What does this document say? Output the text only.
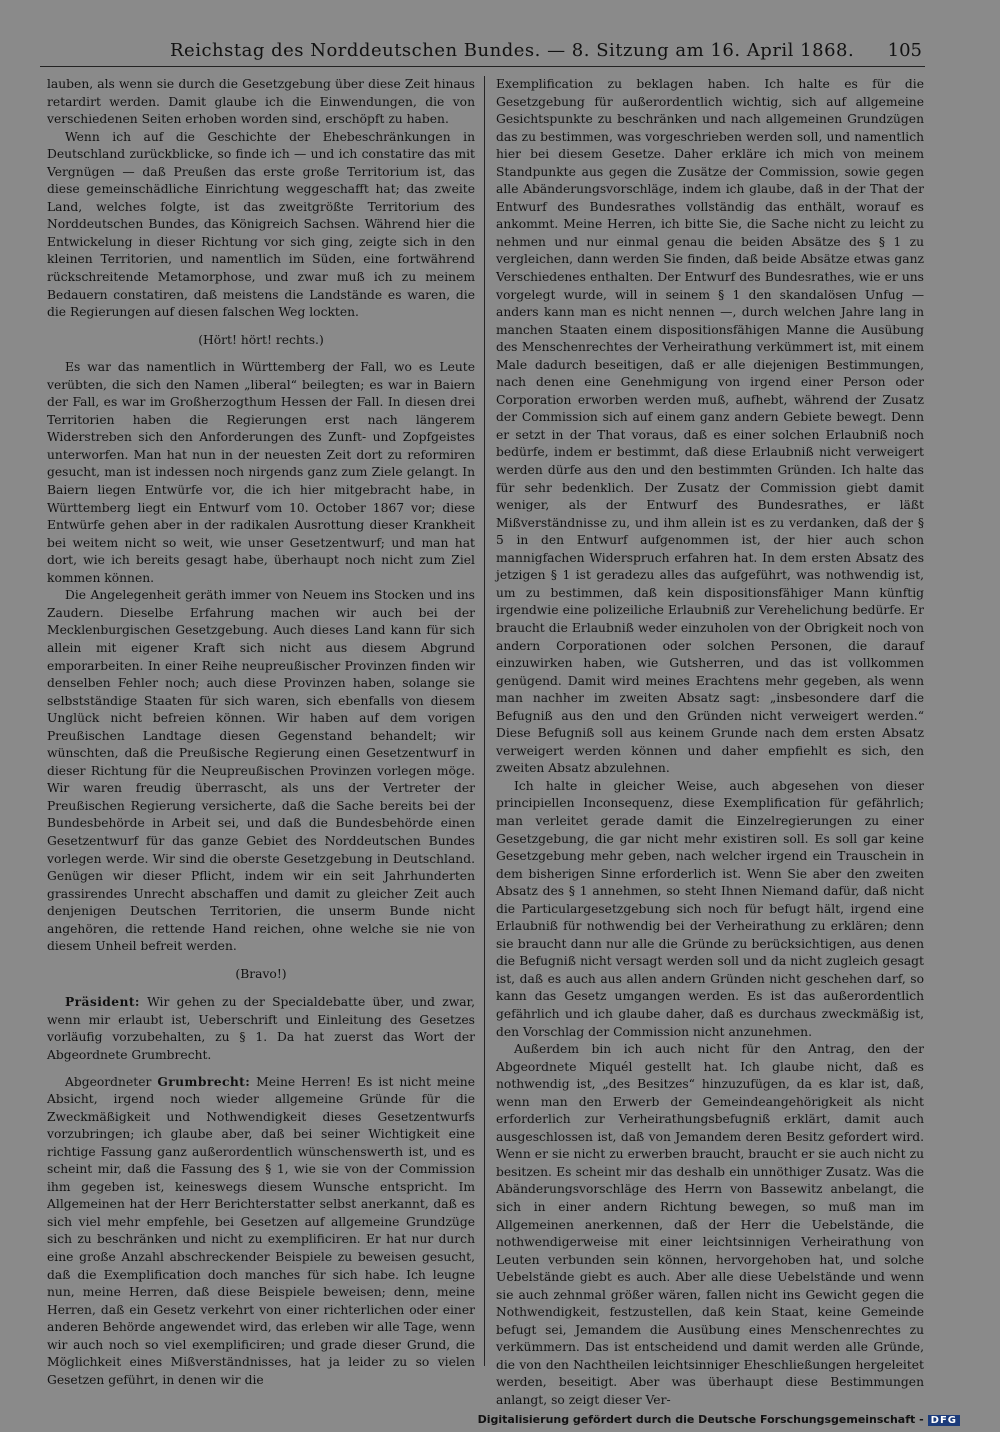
Reichstag des Norddeutschen Bundes. — 8. Sitzung am 16. April 1868. 105

lauben, als wenn sie durch die Gesetzgebung über diese Zeit hinaus retardirt werden. Damit glaube ich die Einwendungen, die von verschiedenen Seiten erhoben worden sind, erschöpft zu haben.

Wenn ich auf die Geschichte der Ehebeschränkungen in Deutschland zurückblicke, so finde ich — und ich constatire das mit Vergnügen — daß Preußen das erste große Territorium ist, das diese gemeinschädliche Einrichtung weggeschafft hat; das zweite Land, welches folgte, ist das zweitgrößte Territorium des Norddeutschen Bundes, das Königreich Sachsen. Während hier die Entwickelung in dieser Richtung vor sich ging, zeigte sich in den kleinen Territorien, und namentlich im Süden, eine fortwährend rückschreitende Metamorphose, und zwar muß ich zu meinem Bedauern constatiren, daß meistens die Landstände es waren, die die Regierungen auf diesen falschen Weg lockten.

(Hört! hört! rechts.)

Es war das namentlich in Württemberg der Fall, wo es Leute verübten, die sich den Namen „liberal“ beilegten; es war in Baiern der Fall, es war im Großherzogthum Hessen der Fall. In diesen drei Territorien haben die Regierungen erst nach längerem Widerstreben sich den Anforderungen des Zunft- und Zopfgeistes unterworfen. Man hat nun in der neuesten Zeit dort zu reformiren gesucht, man ist indessen noch nirgends ganz zum Ziele gelangt. In Baiern liegen Entwürfe vor, die ich hier mitgebracht habe, in Württemberg liegt ein Entwurf vom 10. October 1867 vor; diese Entwürfe gehen aber in der radikalen Ausrottung dieser Krankheit bei weitem nicht so weit, wie unser Gesetzentwurf; und man hat dort, wie ich bereits gesagt habe, überhaupt noch nicht zum Ziel kommen können.

Die Angelegenheit geräth immer von Neuem ins Stocken und ins Zaudern. Dieselbe Erfahrung machen wir auch bei der Mecklenburgischen Gesetzgebung. Auch dieses Land kann für sich allein mit eigener Kraft sich nicht aus diesem Abgrund emporarbeiten. In einer Reihe neupreußischer Provinzen finden wir denselben Fehler noch; auch diese Provinzen haben, solange sie selbstständige Staaten für sich waren, sich ebenfalls von diesem Unglück nicht befreien können. Wir haben auf dem vorigen Preußischen Landtage diesen Gegenstand behandelt; wir wünschten, daß die Preußische Regierung einen Gesetzentwurf in dieser Richtung für die Neupreußischen Provinzen vorlegen möge. Wir waren freudig überrascht, als uns der Vertreter der Preußischen Regierung versicherte, daß die Sache bereits bei der Bundesbehörde in Arbeit sei, und daß die Bundesbehörde einen Gesetzentwurf für das ganze Gebiet des Norddeutschen Bundes vorlegen werde. Wir sind die oberste Gesetzgebung in Deutschland. Genügen wir dieser Pflicht, indem wir ein seit Jahrhunderten grassirendes Unrecht abschaffen und damit zu gleicher Zeit auch denjenigen Deutschen Territorien, die unserm Bunde nicht angehören, die rettende Hand reichen, ohne welche sie nie von diesem Unheil befreit werden.

(Bravo!)

Präsident: Wir gehen zu der Specialdebatte über, und zwar, wenn mir erlaubt ist, Ueberschrift und Einleitung des Gesetzes vorläufig vorzubehalten, zu § 1. Da hat zuerst das Wort der Abgeordnete Grumbrecht.

Abgeordneter Grumbrecht: Meine Herren! Es ist nicht meine Absicht, irgend noch wieder allgemeine Gründe für die Zweckmäßigkeit und Nothwendigkeit dieses Gesetzentwurfs vorzubringen; ich glaube aber, daß bei seiner Wichtigkeit eine richtige Fassung ganz außerordentlich wünschenswerth ist, und es scheint mir, daß die Fassung des § 1, wie sie von der Commission ihm gegeben ist, keineswegs diesem Wunsche entspricht. Im Allgemeinen hat der Herr Berichterstatter selbst anerkannt, daß es sich viel mehr empfehle, bei Gesetzen auf allgemeine Grundzüge sich zu beschränken und nicht zu exemplificiren. Er hat nur durch eine große Anzahl abschreckender Beispiele zu beweisen gesucht, daß die Exemplification doch manches für sich habe. Ich leugne nun, meine Herren, daß diese Beispiele beweisen; denn, meine Herren, daß ein Gesetz verkehrt von einer richterlichen oder einer anderen Behörde angewendet wird, das erleben wir alle Tage, wenn wir auch noch so viel exemplificiren; und grade dieser Grund, die Möglichkeit eines Mißverständnisses, hat ja leider zu so vielen Gesetzen geführt, in denen wir die

Exemplification zu beklagen haben. Ich halte es für die Gesetzgebung für außerordentlich wichtig, sich auf allgemeine Gesichtspunkte zu beschränken und nach allgemeinen Grundzügen das zu bestimmen, was vorgeschrieben werden soll, und namentlich hier bei diesem Gesetze. Daher erkläre ich mich von meinem Standpunkte aus gegen die Zusätze der Commission, sowie gegen alle Abänderungsvorschläge, indem ich glaube, daß in der That der Entwurf des Bundesrathes vollständig das enthält, worauf es ankommt. Meine Herren, ich bitte Sie, die Sache nicht zu leicht zu nehmen und nur einmal genau die beiden Absätze des § 1 zu vergleichen, dann werden Sie finden, daß beide Absätze etwas ganz Verschiedenes enthalten. Der Entwurf des Bundesrathes, wie er uns vorgelegt wurde, will in seinem § 1 den skandalösen Unfug — anders kann man es nicht nennen —, durch welchen Jahre lang in manchen Staaten einem dispositionsfähigen Manne die Ausübung des Menschenrechtes der Verheirathung verkümmert ist, mit einem Male dadurch beseitigen, daß er alle diejenigen Bestimmungen, nach denen eine Genehmigung von irgend einer Person oder Corporation erworben werden muß, aufhebt, während der Zusatz der Commission sich auf einem ganz andern Gebiete bewegt. Denn er setzt in der That voraus, daß es einer solchen Erlaubniß noch bedürfe, indem er bestimmt, daß diese Erlaubniß nicht verweigert werden dürfe aus den und den bestimmten Gründen. Ich halte das für sehr bedenklich. Der Zusatz der Commission giebt damit weniger, als der Entwurf des Bundesrathes, er läßt Mißverständnisse zu, und ihm allein ist es zu verdanken, daß der § 5 in den Entwurf aufgenommen ist, der hier auch schon mannigfachen Widerspruch erfahren hat. In dem ersten Absatz des jetzigen § 1 ist geradezu alles das aufgeführt, was nothwendig ist, um zu bestimmen, daß kein dispositionsfähiger Mann künftig irgendwie eine polizeiliche Erlaubniß zur Verehelichung bedürfe. Er braucht die Erlaubniß weder einzuholen von der Obrigkeit noch von andern Corporationen oder solchen Personen, die darauf einzuwirken haben, wie Gutsherren, und das ist vollkommen genügend. Damit wird meines Erachtens mehr gegeben, als wenn man nachher im zweiten Absatz sagt: „insbesondere darf die Befugniß aus den und den Gründen nicht verweigert werden.“ Diese Befugniß soll aus keinem Grunde nach dem ersten Absatz verweigert werden können und daher empfiehlt es sich, den zweiten Absatz abzulehnen.

Ich halte in gleicher Weise, auch abgesehen von dieser principiellen Inconsequenz, diese Exemplification für gefährlich; man verleitet gerade damit die Einzelregierungen zu einer Gesetzgebung, die gar nicht mehr existiren soll. Es soll gar keine Gesetzgebung mehr geben, nach welcher irgend ein Trauschein in dem bisherigen Sinne erforderlich ist. Wenn Sie aber den zweiten Absatz des § 1 annehmen, so steht Ihnen Niemand dafür, daß nicht die Particulargesetzgebung sich noch für befugt hält, irgend eine Erlaubniß für nothwendig bei der Verheirathung zu erklären; denn sie braucht dann nur alle die Gründe zu berücksichtigen, aus denen die Befugniß nicht versagt werden soll und da nicht zugleich gesagt ist, daß es auch aus allen andern Gründen nicht geschehen darf, so kann das Gesetz umgangen werden. Es ist das außerordentlich gefährlich und ich glaube daher, daß es durchaus zweckmäßig ist, den Vorschlag der Commission nicht anzunehmen.

Außerdem bin ich auch nicht für den Antrag, den der Abgeordnete Miquél gestellt hat. Ich glaube nicht, daß es nothwendig ist, „des Besitzes“ hinzuzufügen, da es klar ist, daß, wenn man den Erwerb der Gemeindeangehörigkeit als nicht erforderlich zur Verheirathungsbefugniß erklärt, damit auch ausgeschlossen ist, daß von Jemandem deren Besitz gefordert wird. Wenn er sie nicht zu erwerben braucht, braucht er sie auch nicht zu besitzen. Es scheint mir das deshalb ein unnöthiger Zusatz. Was die Abänderungsvorschläge des Herrn von Bassewitz anbelangt, die sich in einer andern Richtung bewegen, so muß man im Allgemeinen anerkennen, daß der Herr die Uebelstände, die nothwendigerweise mit einer leichtsinnigen Verheirathung von Leuten verbunden sein können, hervorgehoben hat, und solche Uebelstände giebt es auch. Aber alle diese Uebelstände und wenn sie auch zehnmal größer wären, fallen nicht ins Gewicht gegen die Nothwendigkeit, festzustellen, daß kein Staat, keine Gemeinde befugt sei, Jemandem die Ausübung eines Menschenrechtes zu verkümmern. Das ist entscheidend und damit werden alle Gründe, die von den Nachtheilen leichtsinniger Eheschließungen hergeleitet werden, beseitigt. Aber was überhaupt diese Bestimmungen anlangt, so zeigt dieser Ver-

Digitalisierung gefördert durch die Deutsche Forschungsgemeinschaft - DFG
